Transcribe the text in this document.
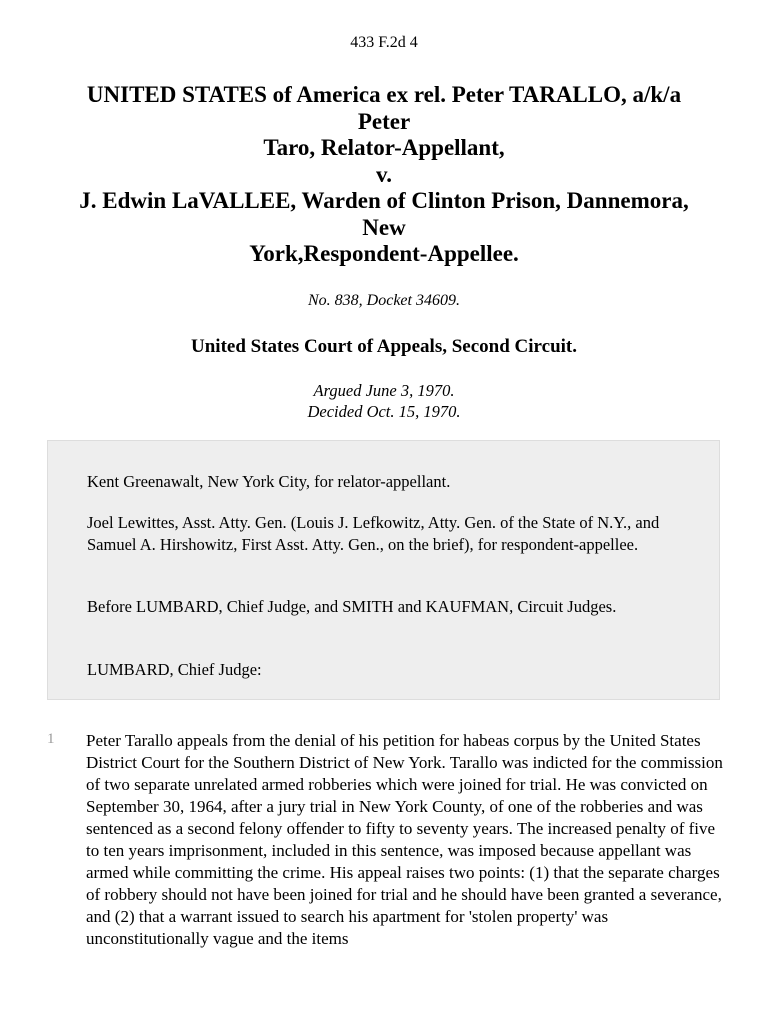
433 F.2d 4
UNITED STATES of America ex rel. Peter TARALLO, a/k/a
Peter
Taro, Relator-Appellant,
v.
J. Edwin LaVALLEE, Warden of Clinton Prison, Dannemora,
New
York,Respondent-Appellee.
No. 838, Docket 34609.
United States Court of Appeals, Second Circuit.
Argued June 3, 1970.
Decided Oct. 15, 1970.

Kent Greenawalt, New York City, for relator-appellant.

Joel Lewittes, Asst. Atty. Gen. (Louis J. Lefkowitz, Atty. Gen. of the State of N.Y., and Samuel A. Hirshowitz, First Asst. Atty. Gen., on the brief), for respondent-appellee.

Before LUMBARD, Chief Judge, and SMITH and KAUFMAN, Circuit Judges.

LUMBARD, Chief Judge:

1 Peter Tarallo appeals from the denial of his petition for habeas corpus by the United States District Court for the Southern District of New York. Tarallo was indicted for the commission of two separate unrelated armed robberies which were joined for trial. He was convicted on September 30, 1964, after a jury trial in New York County, of one of the robberies and was sentenced as a second felony offender to fifty to seventy years. The increased penalty of five to ten years imprisonment, included in this sentence, was imposed because appellant was armed while committing the crime. His appeal raises two points: (1) that the separate charges of robbery should not have been joined for trial and he should have been granted a severance, and (2) that a warrant issued to search his apartment for 'stolen property' was unconstitutionally vague and the items
